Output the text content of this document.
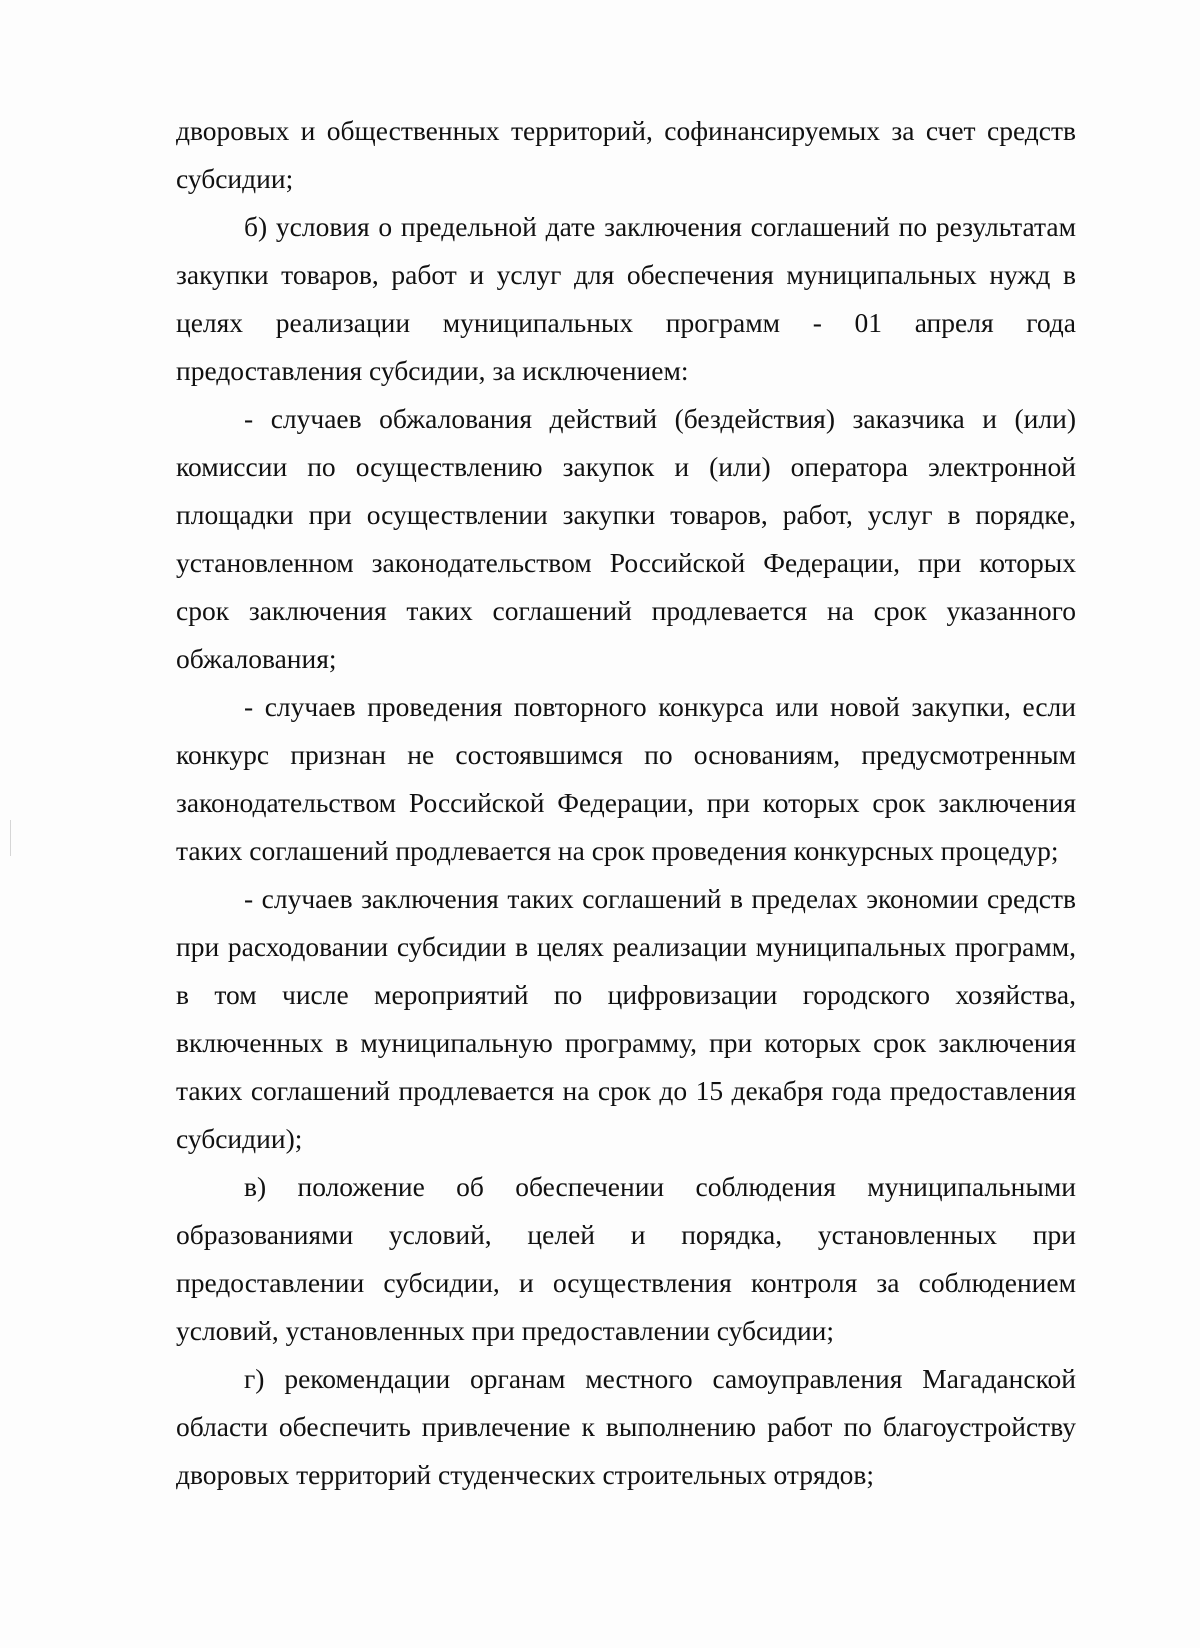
дворовых и общественных территорий, софинансируемых за счет средств субсидии;

б) условия о предельной дате заключения соглашений по результатам закупки товаров, работ и услуг для обеспечения муниципальных нужд в целях реализации муниципальных программ - 01 апреля года предоставления субсидии, за исключением:

- случаев обжалования действий (бездействия) заказчика и (или) комиссии по осуществлению закупок и (или) оператора электронной площадки при осуществлении закупки товаров, работ, услуг в порядке, установленном законодательством Российской Федерации, при которых срок заключения таких соглашений продлевается на срок указанного обжалования;

- случаев проведения повторного конкурса или новой закупки, если конкурс признан не состоявшимся по основаниям, предусмотренным законодательством Российской Федерации, при которых срок заключения таких соглашений продлевается на срок проведения конкурсных процедур;

- случаев заключения таких соглашений в пределах экономии средств при расходовании субсидии в целях реализации муниципальных программ, в том числе мероприятий по цифровизации городского хозяйства, включенных в муниципальную программу, при которых срок заключения таких соглашений продлевается на срок до 15 декабря года предоставления субсидии);

в) положение об обеспечении соблюдения муниципальными образованиями условий, целей и порядка, установленных при предоставлении субсидии, и осуществления контроля за соблюдением условий, установленных при предоставлении субсидии;

г) рекомендации органам местного самоуправления Магаданской области обеспечить привлечение к выполнению работ по благоустройству дворовых территорий студенческих строительных отрядов;
